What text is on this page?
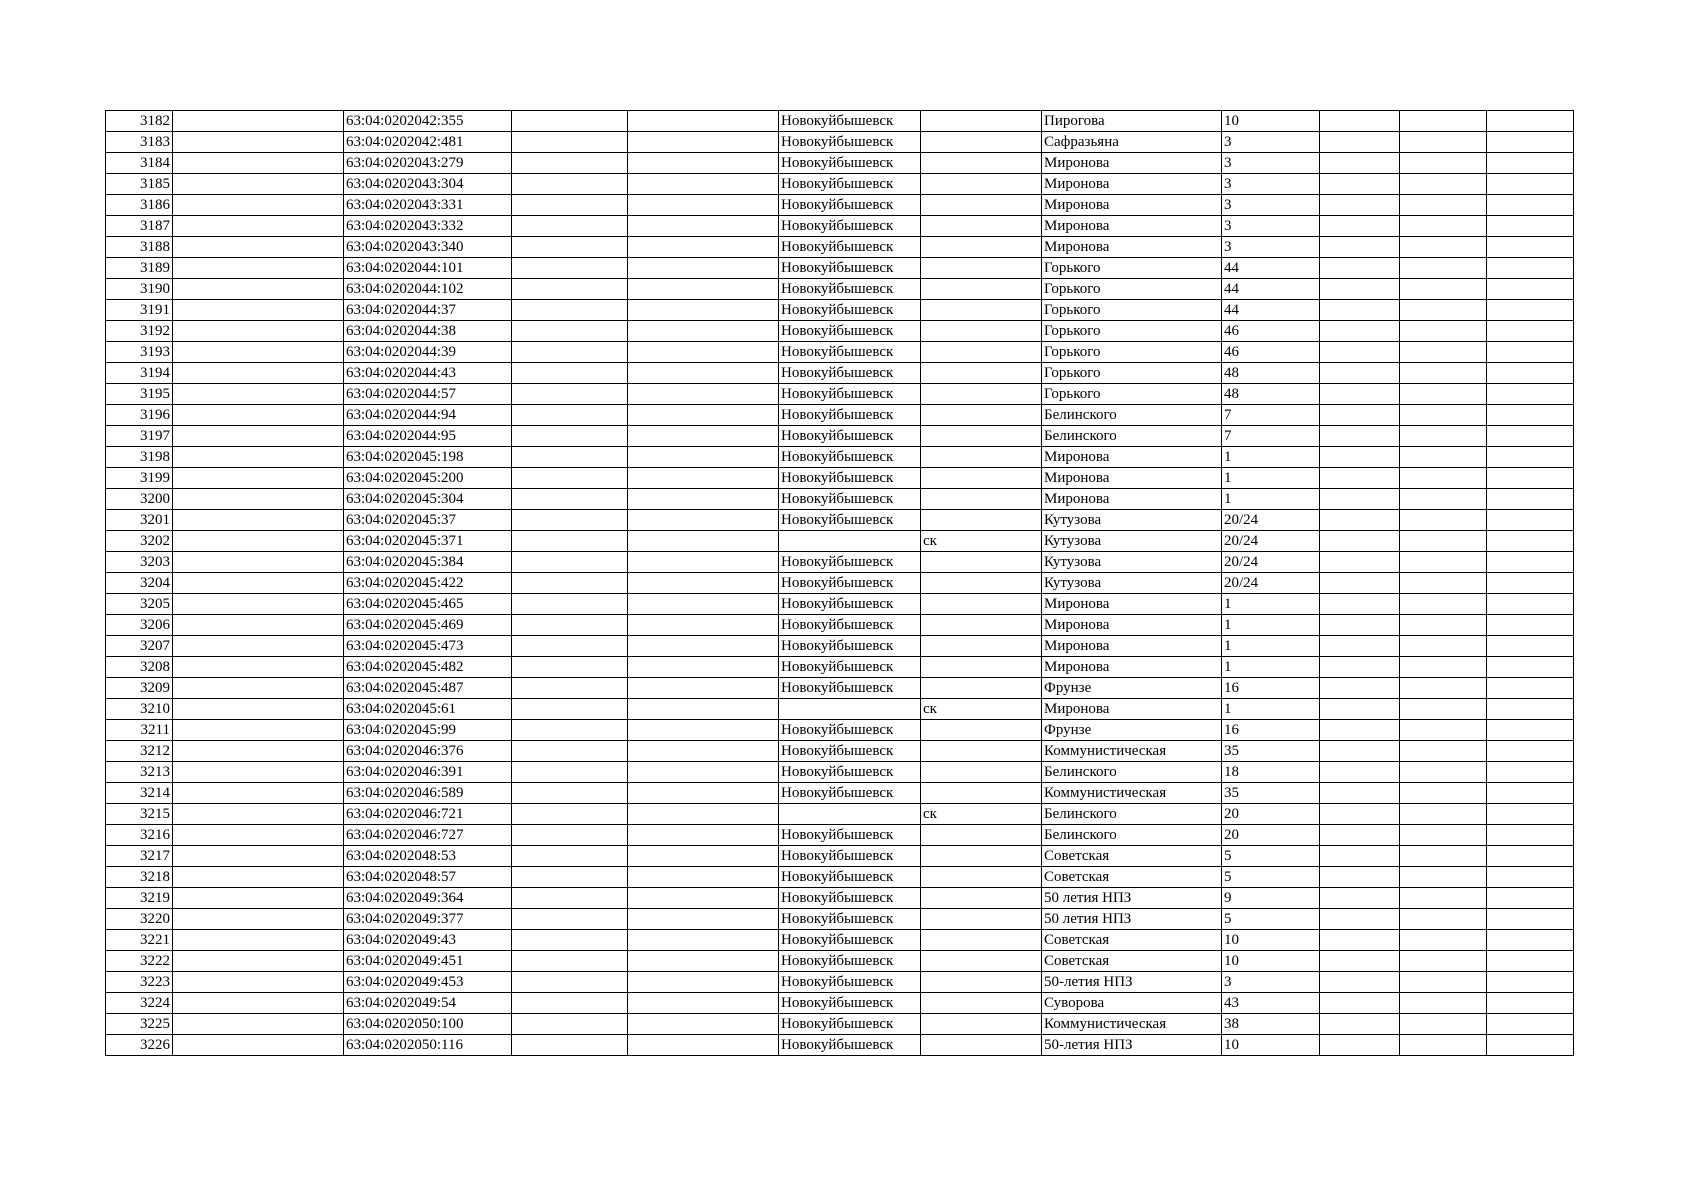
3182		63:04:0202042:355			Новокуйбышевск		Пирогова	10			
3183		63:04:0202042:481			Новокуйбышевск		Сафразьяна	3			
3184		63:04:0202043:279			Новокуйбышевск		Миронова	3			
3185		63:04:0202043:304			Новокуйбышевск		Миронова	3			
3186		63:04:0202043:331			Новокуйбышевск		Миронова	3			
3187		63:04:0202043:332			Новокуйбышевск		Миронова	3			
3188		63:04:0202043:340			Новокуйбышевск		Миронова	3			
3189		63:04:0202044:101			Новокуйбышевск		Горького	44			
3190		63:04:0202044:102			Новокуйбышевск		Горького	44			
3191		63:04:0202044:37			Новокуйбышевск		Горького	44			
3192		63:04:0202044:38			Новокуйбышевск		Горького	46			
3193		63:04:0202044:39			Новокуйбышевск		Горького	46			
3194		63:04:0202044:43			Новокуйбышевск		Горького	48			
3195		63:04:0202044:57			Новокуйбышевск		Горького	48			
3196		63:04:0202044:94			Новокуйбышевск		Белинского	7			
3197		63:04:0202044:95			Новокуйбышевск		Белинского	7			
3198		63:04:0202045:198			Новокуйбышевск		Миронова	1			
3199		63:04:0202045:200			Новокуйбышевск		Миронова	1			
3200		63:04:0202045:304			Новокуйбышевск		Миронова	1			
3201		63:04:0202045:37			Новокуйбышевск		Кутузова	20/24			
3202		63:04:0202045:371				ск	Кутузова	20/24			
3203		63:04:0202045:384			Новокуйбышевск		Кутузова	20/24			
3204		63:04:0202045:422			Новокуйбышевск		Кутузова	20/24			
3205		63:04:0202045:465			Новокуйбышевск		Миронова	1			
3206		63:04:0202045:469			Новокуйбышевск		Миронова	1			
3207		63:04:0202045:473			Новокуйбышевск		Миронова	1			
3208		63:04:0202045:482			Новокуйбышевск		Миронова	1			
3209		63:04:0202045:487			Новокуйбышевск		Фрунзе	16			
3210		63:04:0202045:61				ск	Миронова	1			
3211		63:04:0202045:99			Новокуйбышевск		Фрунзе	16			
3212		63:04:0202046:376			Новокуйбышевск		Коммунистическая	35			
3213		63:04:0202046:391			Новокуйбышевск		Белинского	18			
3214		63:04:0202046:589			Новокуйбышевск		Коммунистическая	35			
3215		63:04:0202046:721				ск	Белинского	20			
3216		63:04:0202046:727			Новокуйбышевск		Белинского	20			
3217		63:04:0202048:53			Новокуйбышевск		Советская	5			
3218		63:04:0202048:57			Новокуйбышевск		Советская	5			
3219		63:04:0202049:364			Новокуйбышевск		50 летия НПЗ	9			
3220		63:04:0202049:377			Новокуйбышевск		50 летия НПЗ	5			
3221		63:04:0202049:43			Новокуйбышевск		Советская	10			
3222		63:04:0202049:451			Новокуйбышевск		Советская	10			
3223		63:04:0202049:453			Новокуйбышевск		50-летия НПЗ	3			
3224		63:04:0202049:54			Новокуйбышевск		Суворова	43			
3225		63:04:0202050:100			Новокуйбышевск		Коммунистическая	38			
3226		63:04:0202050:116			Новокуйбышевск		50-летия НПЗ	10			
